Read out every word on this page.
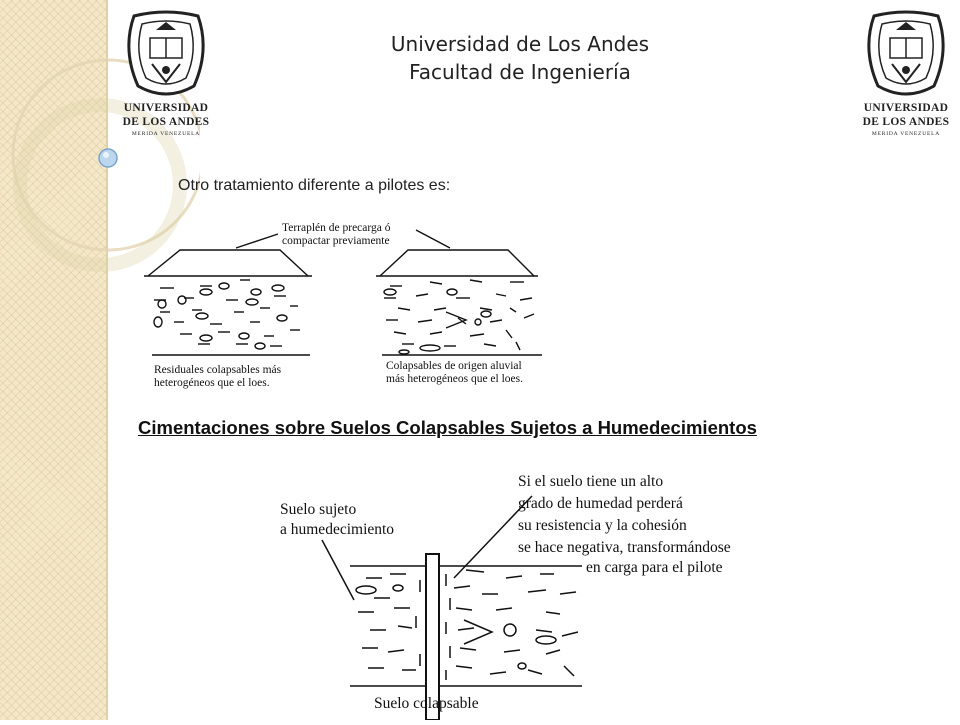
UNIVERSIDAD
DE LOS ANDES
MERIDA VENEZUELA
UNIVERSIDAD
DE LOS ANDES
MERIDA VENEZUELA
Universidad de Los Andes
Facultad de Ingeniería
Otro tratamiento diferente a pilotes es:
Terraplén de precarga ó
compactar previamente
Residuales colapsables más
heterogéneos que el loes.
Colapsables de origen aluvial
más heterogéneos que el loes.
Cimentaciones sobre Suelos Colapsables Sujetos a Humedecimientos
Suelo sujeto
a humedecimiento
Si el suelo tiene un alto
grado de humedad perderá
su resistencia y la cohesión
se hace negativa, transformándose
en carga para el pilote
Suelo colapsable
